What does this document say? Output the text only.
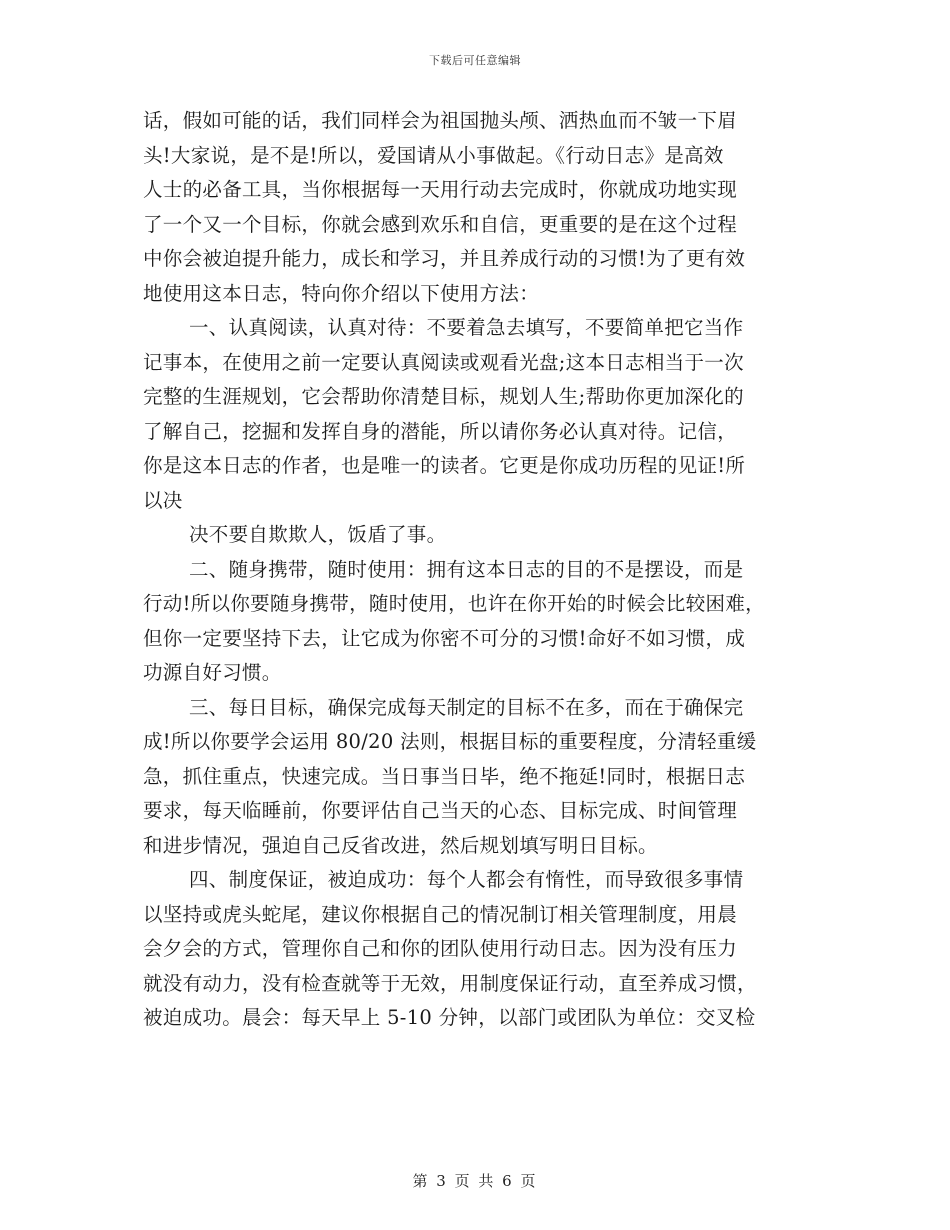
下载后可任意编辑
话，假如可能的话，我们同样会为祖国抛头颅、洒热血而不皱一下眉
头!大家说，是不是!所以，爱国请从小事做起。《行动日志》是高效
人士的必备工具，当你根据每一天用行动去完成时，你就成功地实现
了一个又一个目标，你就会感到欢乐和自信，更重要的是在这个过程
中你会被迫提升能力，成长和学习，并且养成行动的习惯!为了更有效
地使用这本日志，特向你介绍以下使用方法：
一、认真阅读，认真对待：不要着急去填写，不要简单把它当作
记事本，在使用之前一定要认真阅读或观看光盘;这本日志相当于一次
完整的生涯规划，它会帮助你清楚目标，规划人生;帮助你更加深化的
了解自己，挖掘和发挥自身的潜能，所以请你务必认真对待。记信，
你是这本日志的作者，也是唯一的读者。它更是你成功历程的见证!所
以决
决不要自欺欺人，饭盾了事。
二、随身携带，随时使用：拥有这本日志的目的不是摆设，而是
行动!所以你要随身携带，随时使用，也许在你开始的时候会比较困难，
但你一定要坚持下去，让它成为你密不可分的习惯!命好不如习惯，成
功源自好习惯。
三、每日目标，确保完成每天制定的目标不在多，而在于确保完
成!所以你要学会运用 80/20 法则，根据目标的重要程度，分清轻重缓
急，抓住重点，快速完成。当日事当日毕，绝不拖延!同时，根据日志
要求，每天临睡前，你要评估自己当天的心态、目标完成、时间管理
和进步情况，强迫自己反省改进，然后规划填写明日目标。
四、制度保证，被迫成功：每个人都会有惰性，而导致很多事情
以坚持或虎头蛇尾，建议你根据自己的情况制订相关管理制度，用晨
会夕会的方式，管理你自己和你的团队使用行动日志。因为没有压力
就没有动力，没有检查就等于无效，用制度保证行动，直至养成习惯，
被迫成功。晨会：每天早上 5-10 分钟，以部门或团队为单位：交叉检
第 3 页 共 6 页
